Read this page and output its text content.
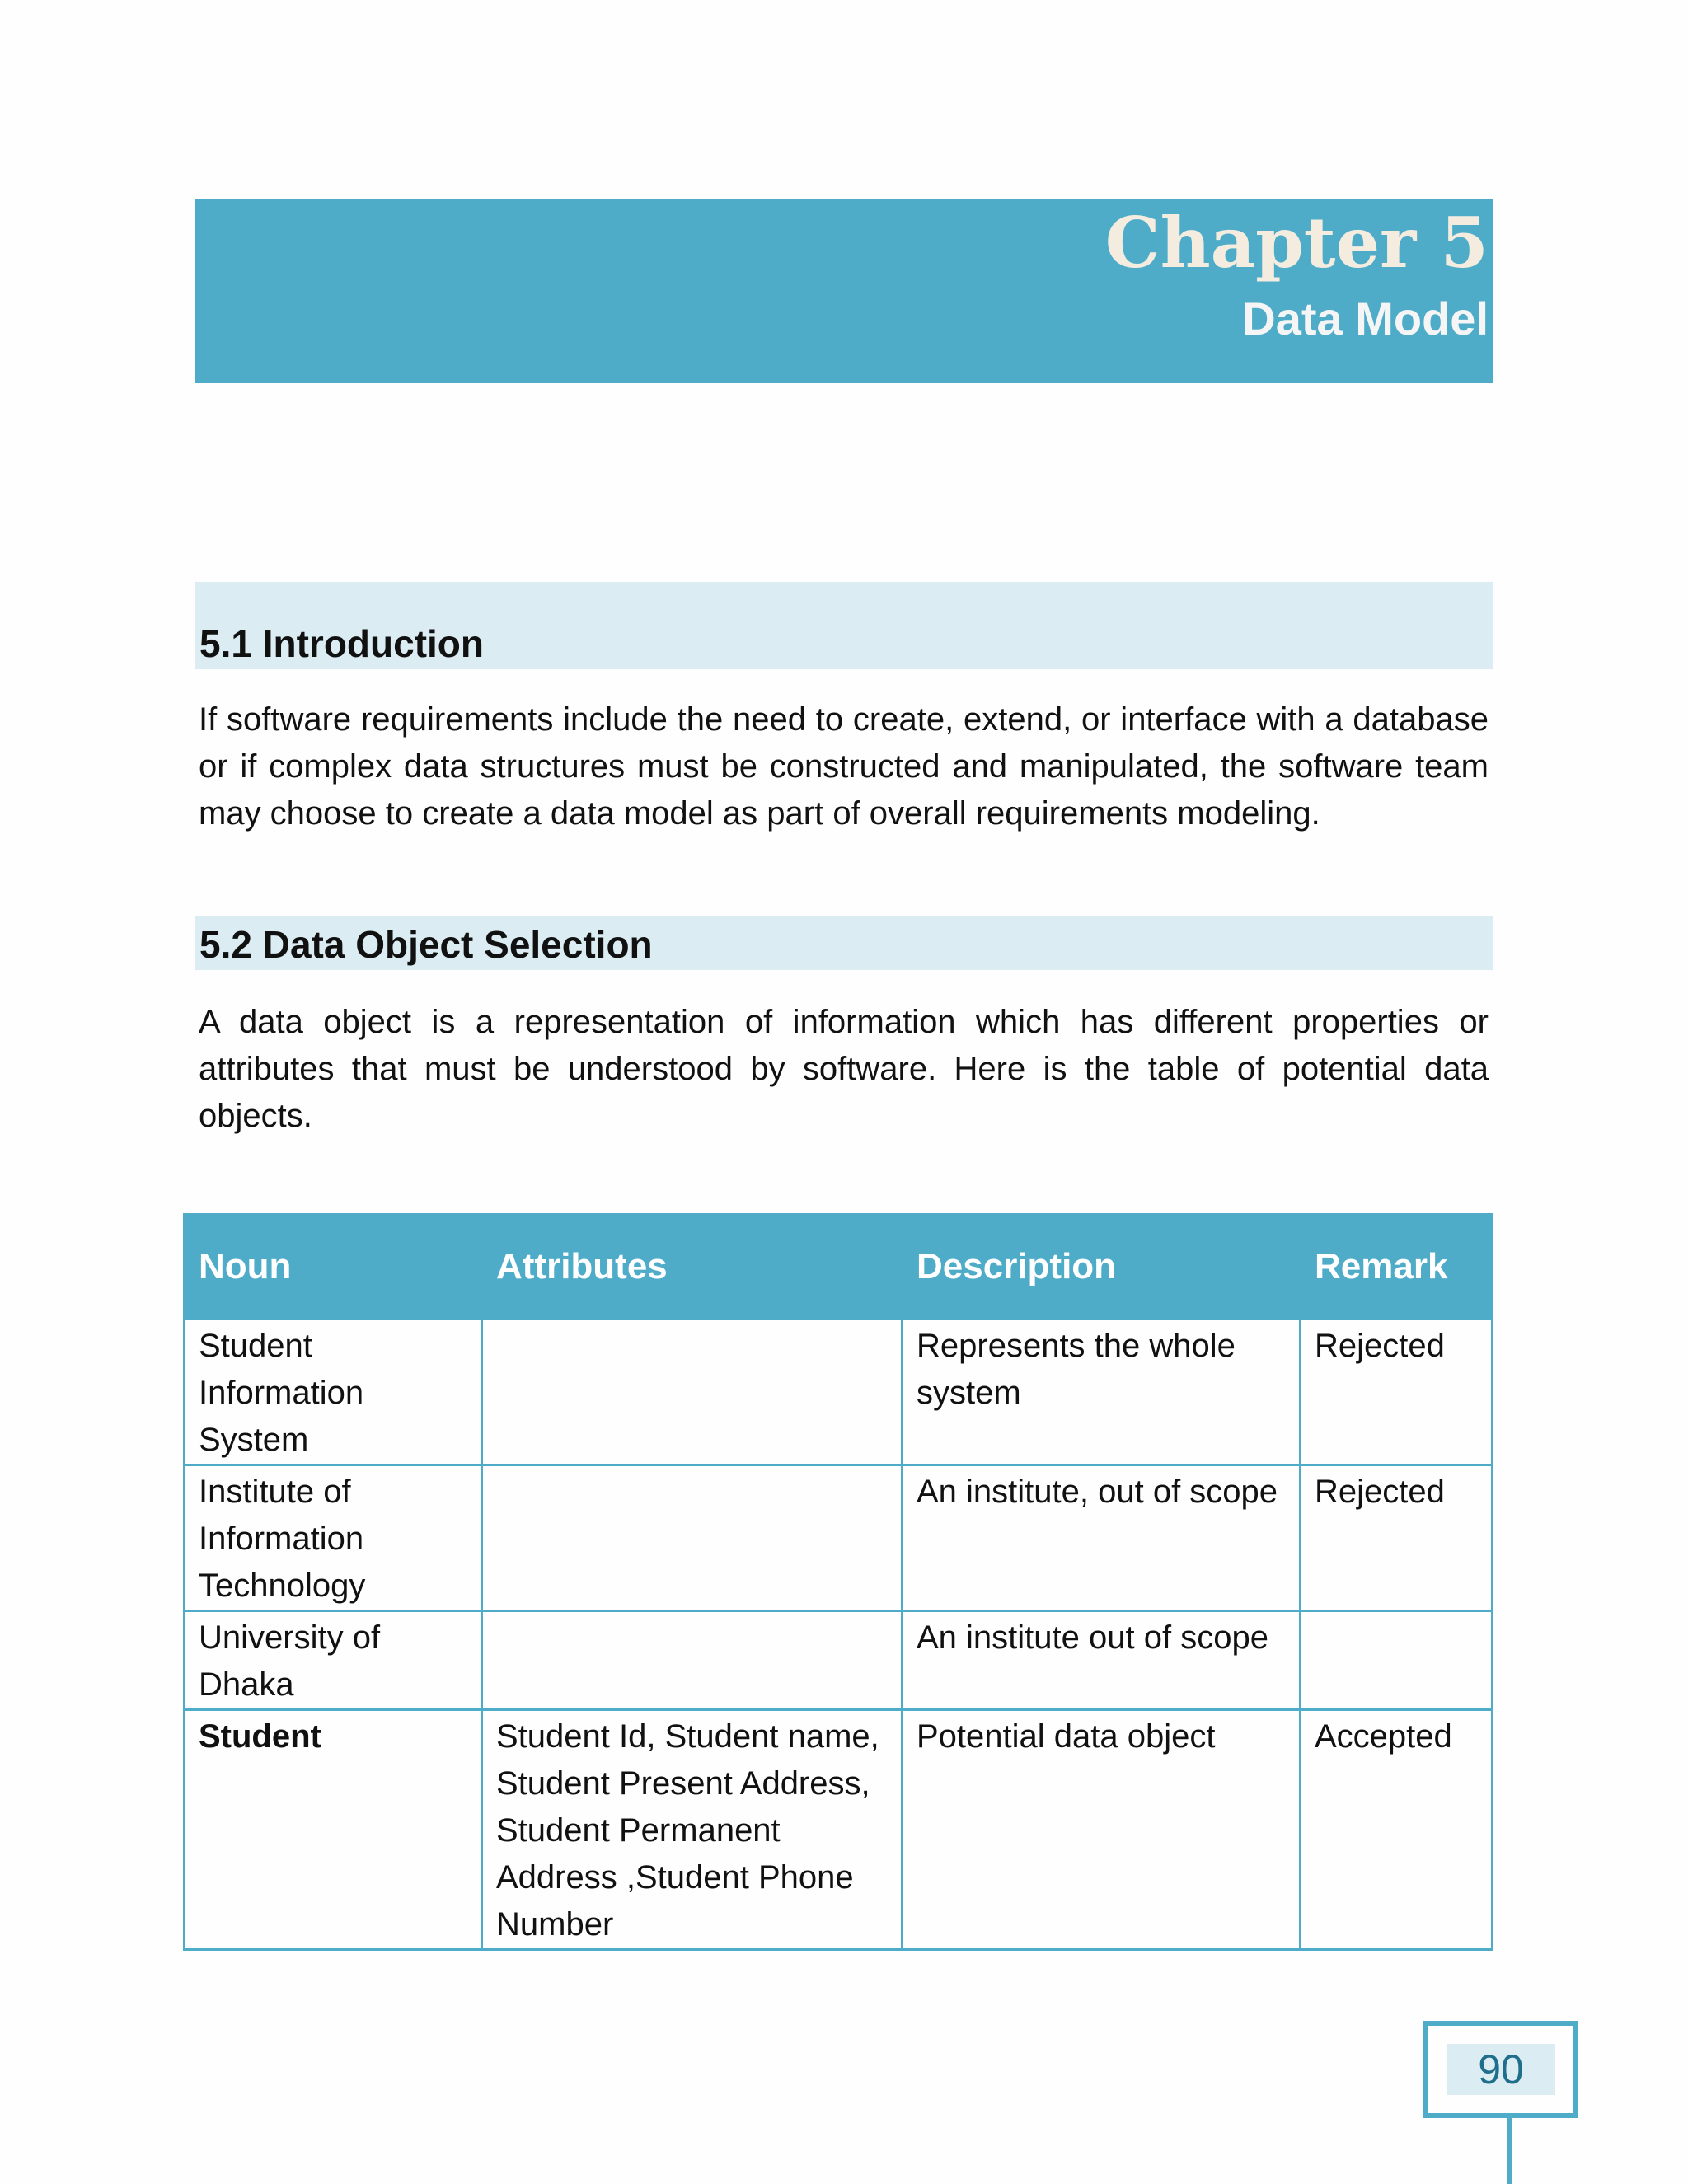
Chapter 5
Data Model
5.1 Introduction

If software requirements include the need to create, extend, or interface with a database or if complex data structures must be constructed and manipulated, the software team may choose to create a data model as part of overall requirements modeling.

5.2 Data Object Selection

A data object is a representation of information which has different properties or attributes that must be understood by software. Here is the table of potential data objects.

Noun	Attributes	Description	Remark
Student Information System		Represents the whole system	Rejected
Institute of Information Technology		An institute, out of scope	Rejected
University of Dhaka		An institute out of scope	
Student	Student Id, Student name, Student Present Address, Student Permanent Address ,Student Phone Number	Potential data object	Accepted
90
